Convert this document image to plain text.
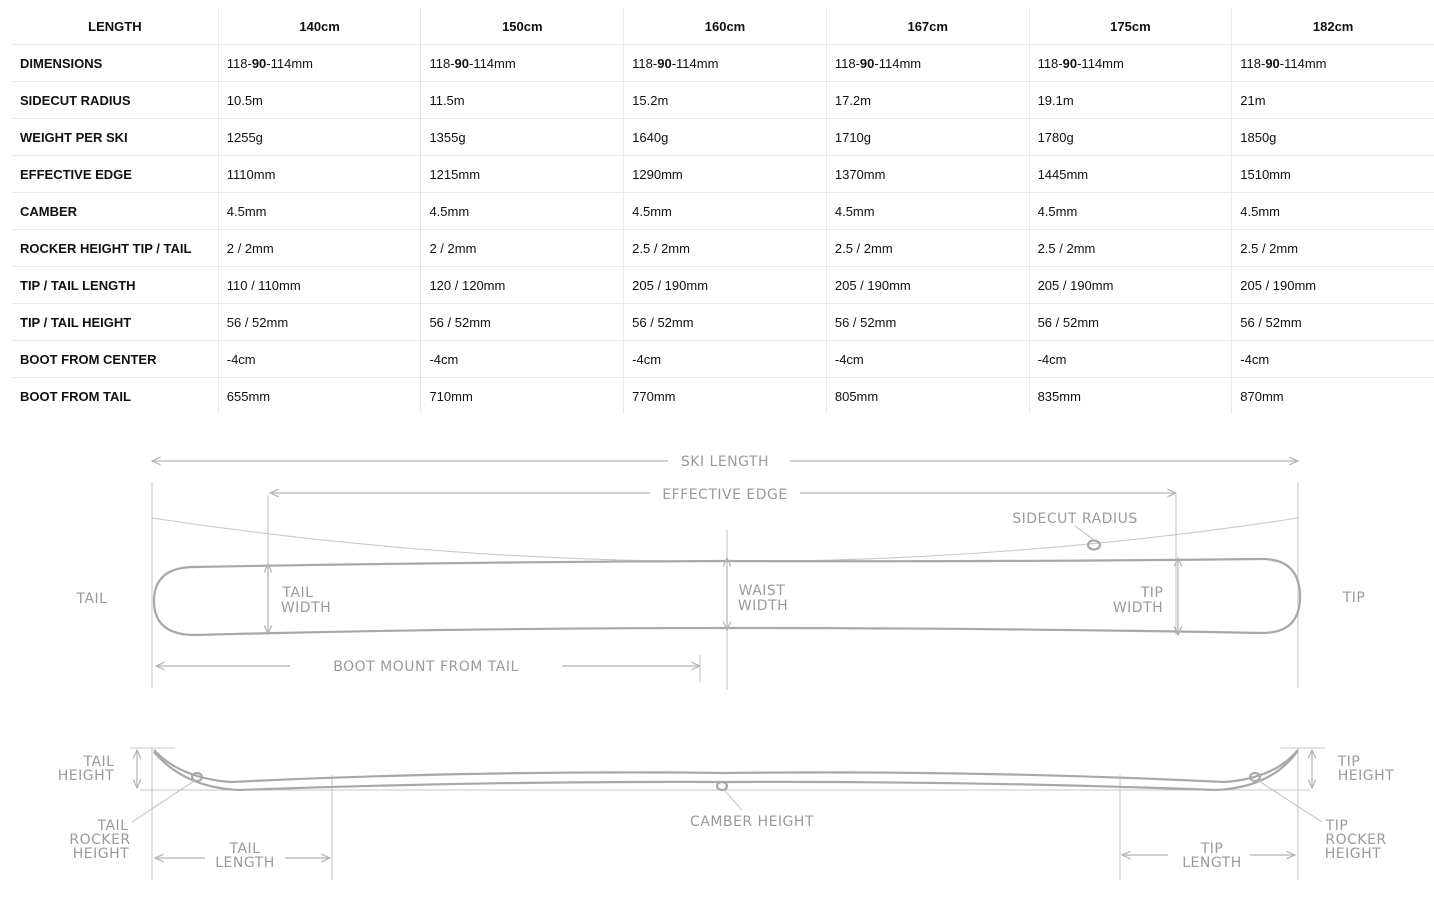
LENGTH	140cm	150cm	160cm	167cm	175cm	182cm
DIMENSIONS	118-90-114mm	118-90-114mm	118-90-114mm	118-90-114mm	118-90-114mm	118-90-114mm
SIDECUT RADIUS	10.5m	11.5m	15.2m	17.2m	19.1m	21m
WEIGHT PER SKI	1255g	1355g	1640g	1710g	1780g	1850g
EFFECTIVE EDGE	1110mm	1215mm	1290mm	1370mm	1445mm	1510mm
CAMBER	4.5mm	4.5mm	4.5mm	4.5mm	4.5mm	4.5mm
ROCKER HEIGHT TIP / TAIL	2 / 2mm	2 / 2mm	2.5 / 2mm	2.5 / 2mm	2.5 / 2mm	2.5 / 2mm
TIP / TAIL LENGTH	110 / 110mm	120 / 120mm	205 / 190mm	205 / 190mm	205 / 190mm	205 / 190mm
TIP / TAIL HEIGHT	56 / 52mm	56 / 52mm	56 / 52mm	56 / 52mm	56 / 52mm	56 / 52mm
BOOT FROM CENTER	-4cm	-4cm	-4cm	-4cm	-4cm	-4cm
BOOT FROM TAIL	655mm	710mm	770mm	805mm	835mm	870mm
SKI LENGTH
EFFECTIVE EDGE
SIDECUT RADIUS
TAIL	TIP
TAIL
WIDTH
WAIST
WIDTH
TIP
WIDTH
BOOT MOUNT FROM TAIL
TAIL
HEIGHT
TIP
HEIGHT
TAIL
ROCKER
HEIGHT
TIP
ROCKER
HEIGHT
CAMBER HEIGHT
TAIL
LENGTH
TIP
LENGTH
